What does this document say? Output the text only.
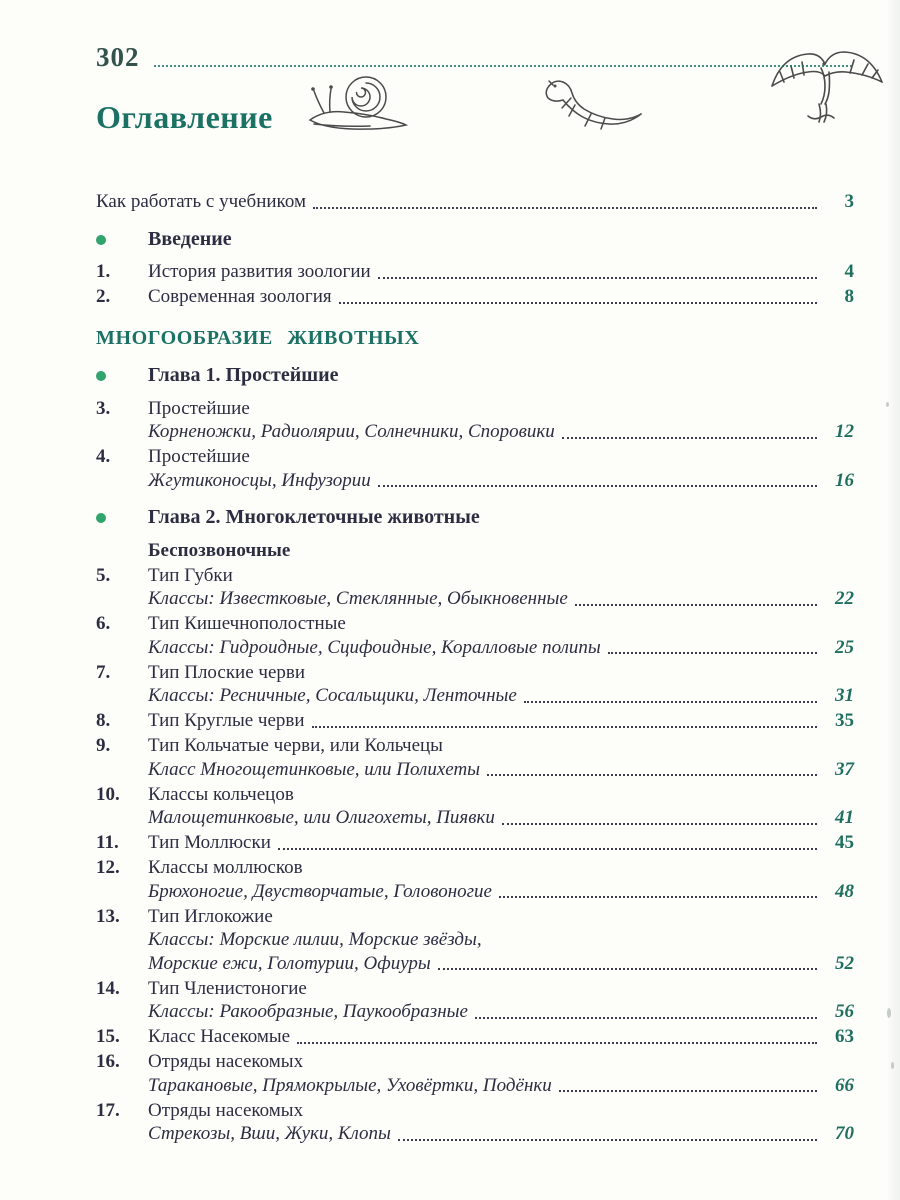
302
Оглавление
Как работать с учебником	3
Введение
1.	История развития зоологии	4
2.	Современная зоология	8
МНОГООБРАЗИЕ ЖИВОТНЫХ
Глава 1. Простейшие
3.	Простейшие
Корненожки, Радиолярии, Солнечники, Споровики	12
4.	Простейшие
Жгутиконосцы, Инфузории	16
Глава 2. Многоклеточные животные
Беспозвоночные
5.	Тип Губки
Классы: Известковые, Стеклянные, Обыкновенные	22
6.	Тип Кишечнополостные
Классы: Гидроидные, Сцифоидные, Коралловые полипы	25
7.	Тип Плоские черви
Классы: Ресничные, Сосальщики, Ленточные	31
8.	Тип Круглые черви	35
9.	Тип Кольчатые черви, или Кольчецы
Класс Многощетинковые, или Полихеты	37
10.	Классы кольчецов
Малощетинковые, или Олигохеты, Пиявки	41
11.	Тип Моллюски	45
12.	Классы моллюсков
Брюхоногие, Двустворчатые, Головоногие	48
13.	Тип Иглокожие
Классы: Морские лилии, Морские звёзды,
Морские ежи, Голотурии, Офиуры	52
14.	Тип Членистоногие
Классы: Ракообразные, Паукообразные	56
15.	Класс Насекомые	63
16.	Отряды насекомых
Таракановые, Прямокрылые, Уховёртки, Подёнки	66
17.	Отряды насекомых
Стрекозы, Вши, Жуки, Клопы	70
